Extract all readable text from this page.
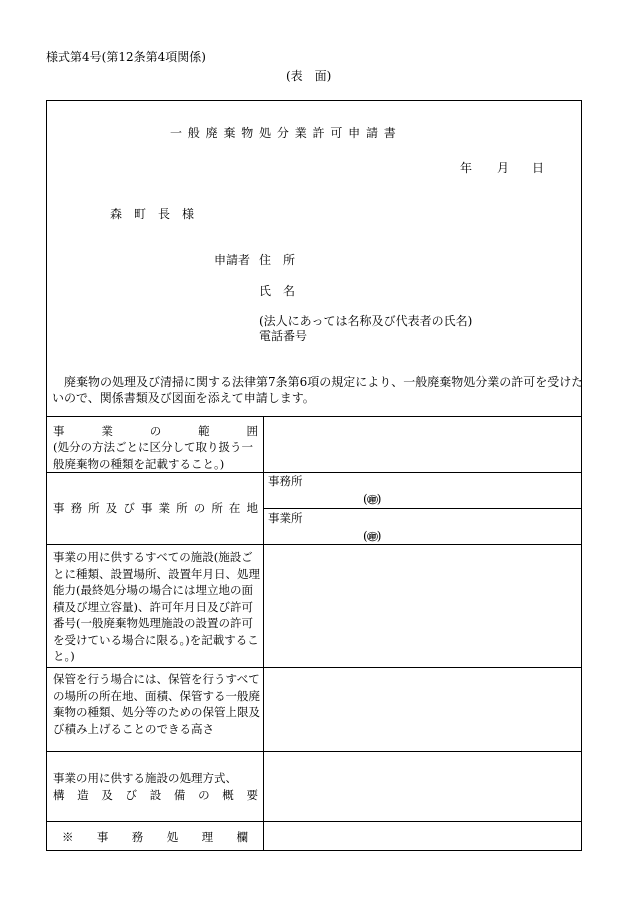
様式第4号(第12条第4項関係)
(表　面)
一 般 廃 棄 物 処 分 業 許 可 申 請 書
年 月 日
森　町　長　様
申請者 住　所
氏　名
(法人にあっては名称及び代表者の氏名)
電話番号
廃棄物の処理及び清掃に関する法律第7条第6項の規定により、一般廃棄物処分業の許可を受けた
いので、関係書類及び図面を添えて申請します。
事業の範囲
(処分の方法ごとに区分して取り扱う一般廃棄物の種類を記載すること。)
事務所及び事業所の所在地
事務所
(㊞)
事業所
(㊞)
事業の用に供するすべての施設(施設ごとに種類、設置場所、設置年月日、処理能力(最終処分場の場合には埋立地の面積及び埋立容量)、許可年月日及び許可番号(一般廃棄物処理施設の設置の許可を受けている場合に限る。)を記載すること。)
保管を行う場合には、保管を行うすべての場所の所在地、面積、保管する一般廃棄物の種類、処分等のための保管上限及び積み上げることのできる高さ
事業の用に供する施設の処理方式、
構造及び設備の概要
※事務処理欄
